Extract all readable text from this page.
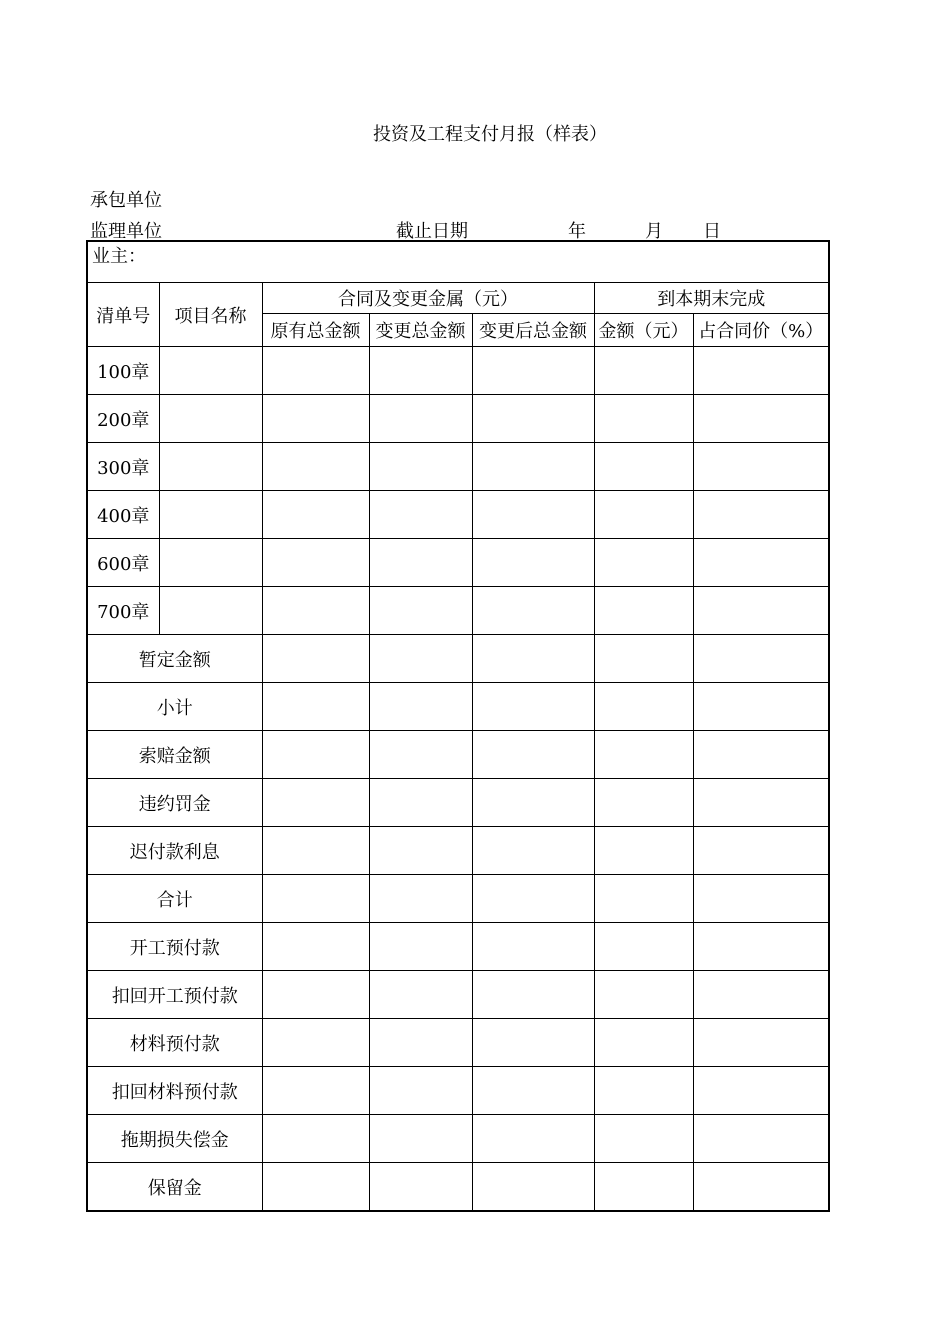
投资及工程支付月报（样表）
承包单位
监理单位	截止日期	年	月 日
业主：						
清单号	项目名称	合同及变更金属（元）			到本期末完成	
		原有总金额	变更总金额	变更后总金额	金额（元）	占合同价（%）
100章						
200章						
300章						
400章						
600章						
700章						
暂定金额						
小计						
索赔金额						
违约罚金						
迟付款利息						
合计						
开工预付款						
扣回开工预付款						
材料预付款						
扣回材料预付款						
拖期损失偿金						
保留金						
